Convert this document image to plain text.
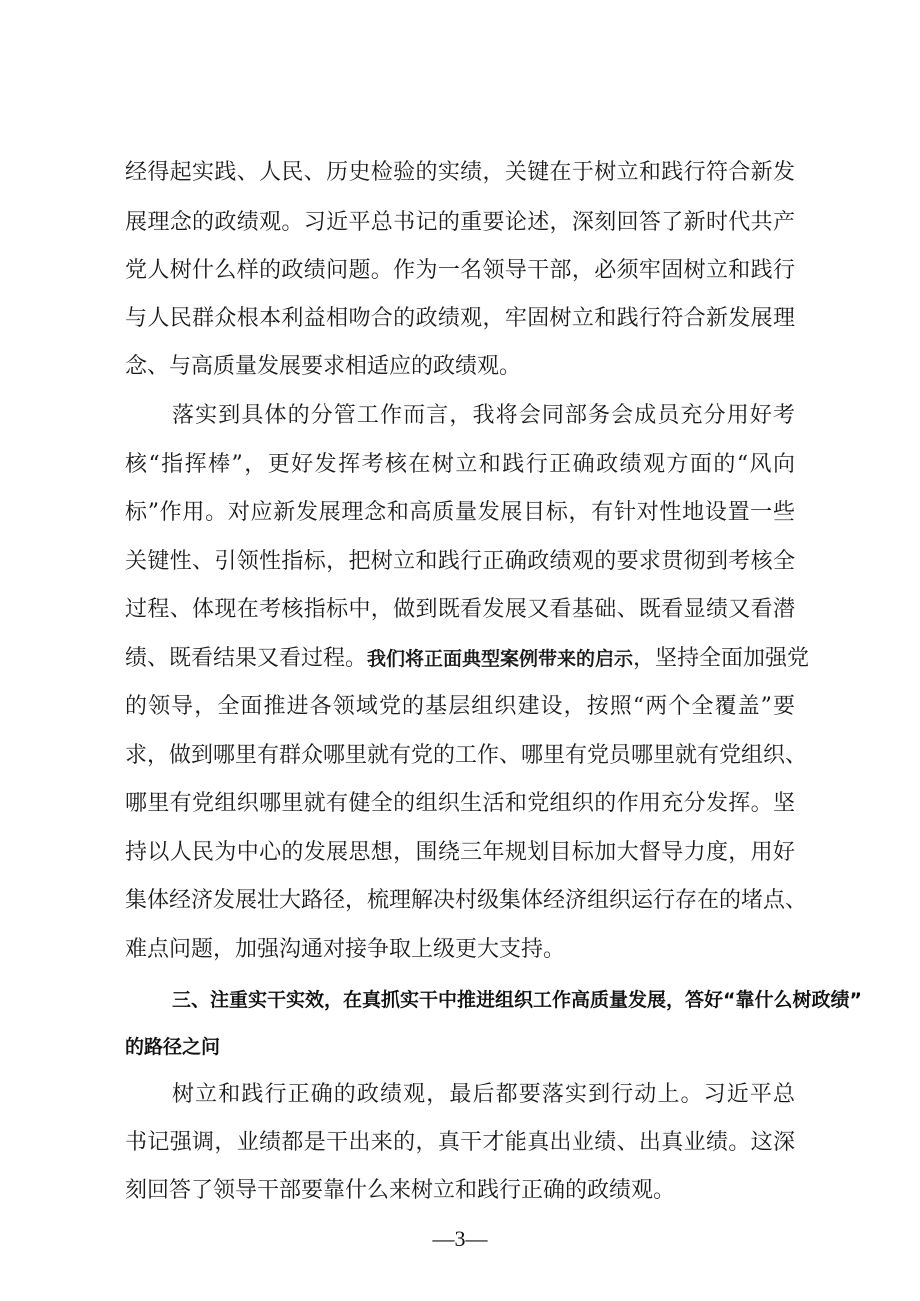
经得起实践、人民、历史检验的实绩，关键在于树立和践行符合新发
展理念的政绩观。习近平总书记的重要论述，深刻回答了新时代共产
党人树什么样的政绩问题。作为一名领导干部，必须牢固树立和践行
与人民群众根本利益相吻合的政绩观，牢固树立和践行符合新发展理
念、与高质量发展要求相适应的政绩观。
落实到具体的分管工作而言，我将会同部务会成员充分用好考
核“指挥棒”，更好发挥考核在树立和践行正确政绩观方面的“风向
标”作用。对应新发展理念和高质量发展目标，有针对性地设置一些
关键性、引领性指标，把树立和践行正确政绩观的要求贯彻到考核全
过程、体现在考核指标中，做到既看发展又看基础、既看显绩又看潜
绩、既看结果又看过程。我们将正面典型案例带来的启示，坚持全面加强党
的领导，全面推进各领域党的基层组织建设，按照“两个全覆盖”要
求，做到哪里有群众哪里就有党的工作、哪里有党员哪里就有党组织、
哪里有党组织哪里就有健全的组织生活和党组织的作用充分发挥。坚
持以人民为中心的发展思想，围绕三年规划目标加大督导力度，用好
集体经济发展壮大路径，梳理解决村级集体经济组织运行存在的堵点、
难点问题，加强沟通对接争取上级更大支持。
三、注重实干实效，在真抓实干中推进组织工作高质量发展，答好“靠什么树政绩”
的路径之问
树立和践行正确的政绩观，最后都要落实到行动上。习近平总
书记强调，业绩都是干出来的，真干才能真出业绩、出真业绩。这深
刻回答了领导干部要靠什么来树立和践行正确的政绩观。
—3—
